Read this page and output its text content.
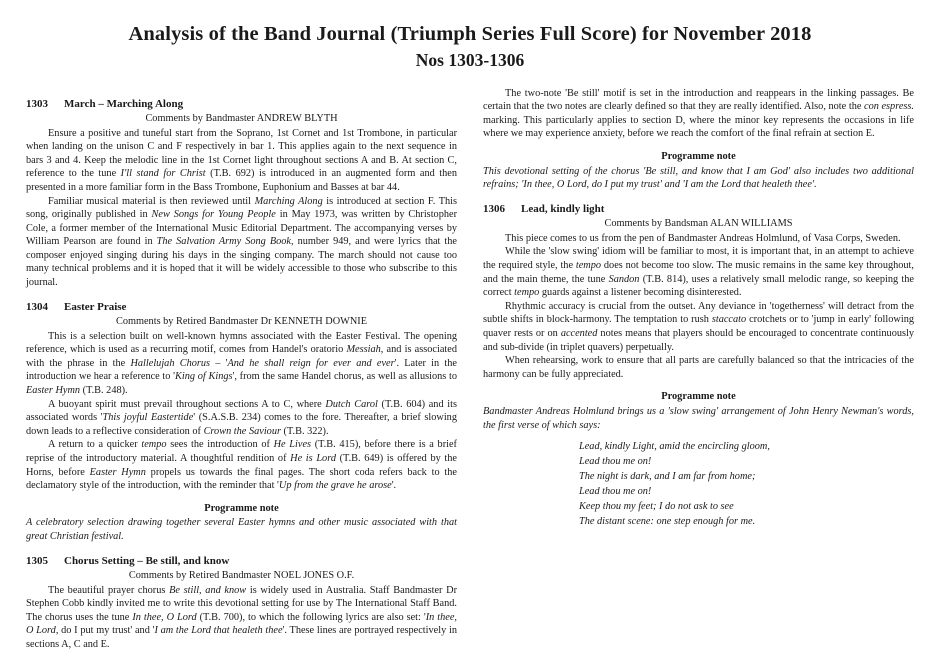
Analysis of the Band Journal (Triumph Series Full Score) for November 2018
Nos 1303-1306
1303	March – Marching Along
Comments by Bandmaster ANDREW BLYTH

Ensure a positive and tuneful start from the Soprano, 1st Cornet and 1st Trombone, in particular when landing on the unison C and F respectively in bar 1. This applies again to the next sequence in bars 3 and 4. Keep the melodic line in the 1st Cornet light throughout sections A and B. At section C, reference to the tune I'll stand for Christ (T.B. 692) is introduced in an augmented form and then presented in a more familiar form in the Bass Trombone, Euphonium and Basses at bar 44.

Familiar musical material is then reviewed until Marching Along is introduced at section F. This song, originally published in New Songs for Young People in May 1973, was written by Christopher Cole, a former member of the International Music Editorial Department. The accompanying verses by William Pearson are found in The Salvation Army Song Book, number 949, and were lyrics that the composer enjoyed singing during his days in the singing company. The march should not cause too many technical problems and it is hoped that it will be widely accessible to those who subscribe to this journal.

1304	Easter Praise
Comments by Retired Bandmaster Dr KENNETH DOWNIE

This is a selection built on well-known hymns associated with the Easter Festival. The opening reference, which is used as a recurring motif, comes from Handel's oratorio Messiah, and is associated with the phrase in the Hallelujah Chorus – 'And he shall reign for ever and ever'. Later in the introduction we hear a reference to 'King of Kings', from the same Handel chorus, as well as allusions to Easter Hymn (T.B. 248).

A buoyant spirit must prevail throughout sections A to C, where Dutch Carol (T.B. 604) and its associated words 'This joyful Eastertide' (S.A.S.B. 234) comes to the fore. Thereafter, a brief slowing down leads to a reflective consideration of Crown the Saviour (T.B. 322).

A return to a quicker tempo sees the introduction of He Lives (T.B. 415), before there is a brief reprise of the introductory material. A thoughtful rendition of He is Lord (T.B. 649) is offered by the Horns, before Easter Hymn propels us towards the final pages. The short coda refers back to the declamatory style of the introduction, with the reminder that 'Up from the grave he arose'.

Programme note

A celebratory selection drawing together several Easter hymns and other music associated with that great Christian festival.

1305	Chorus Setting – Be still, and know
Comments by Retired Bandmaster NOEL JONES O.F.

The beautiful prayer chorus Be still, and know is widely used in Australia. Staff Bandmaster Dr Stephen Cobb kindly invited me to write this devotional setting for use by The International Staff Band. The chorus uses the tune In thee, O Lord (T.B. 700), to which the following lyrics are also set: 'In thee, O Lord, do I put my trust' and 'I am the Lord that healeth thee'. These lines are portrayed respectively in sections A, C and E.

The two-note 'Be still' motif is set in the introduction and reappears in the linking passages. Be certain that the two notes are clearly defined so that they are really identified. Also, note the con espress. marking. This particularly applies to section D, where the minor key represents the occasions in life where we may experience anxiety, before we reach the comfort of the final refrain at section E.

Programme note

This devotional setting of the chorus 'Be still, and know that I am God' also includes two additional refrains; 'In thee, O Lord, do I put my trust' and 'I am the Lord that healeth thee'.

1306	Lead, kindly light
Comments by Bandsman ALAN WILLIAMS

This piece comes to us from the pen of Bandmaster Andreas Holmlund, of Vasa Corps, Sweden.

While the 'slow swing' idiom will be familiar to most, it is important that, in an attempt to achieve the required style, the tempo does not become too slow. The music remains in the same key throughout, and the main theme, the tune Sandon (T.B. 814), uses a relatively small melodic range, so keeping the correct tempo guards against a listener becoming disinterested.

Rhythmic accuracy is crucial from the outset. Any deviance in 'togetherness' will detract from the subtle shifts in block-harmony. The temptation to rush staccato crotchets or to 'jump in early' following quaver rests or on accented notes means that players should be encouraged to concentrate continuously and sub-divide (in triplet quavers) perpetually.

When rehearsing, work to ensure that all parts are carefully balanced so that the intricacies of the harmony can be fully appreciated.

Programme note

Bandmaster Andreas Holmlund brings us a 'slow swing' arrangement of John Henry Newman's words, the first verse of which says:

Lead, kindly Light, amid the encircling gloom,
Lead thou me on!
The night is dark, and I am far from home;
Lead thou me on!
Keep thou my feet; I do not ask to see
The distant scene: one step enough for me.
